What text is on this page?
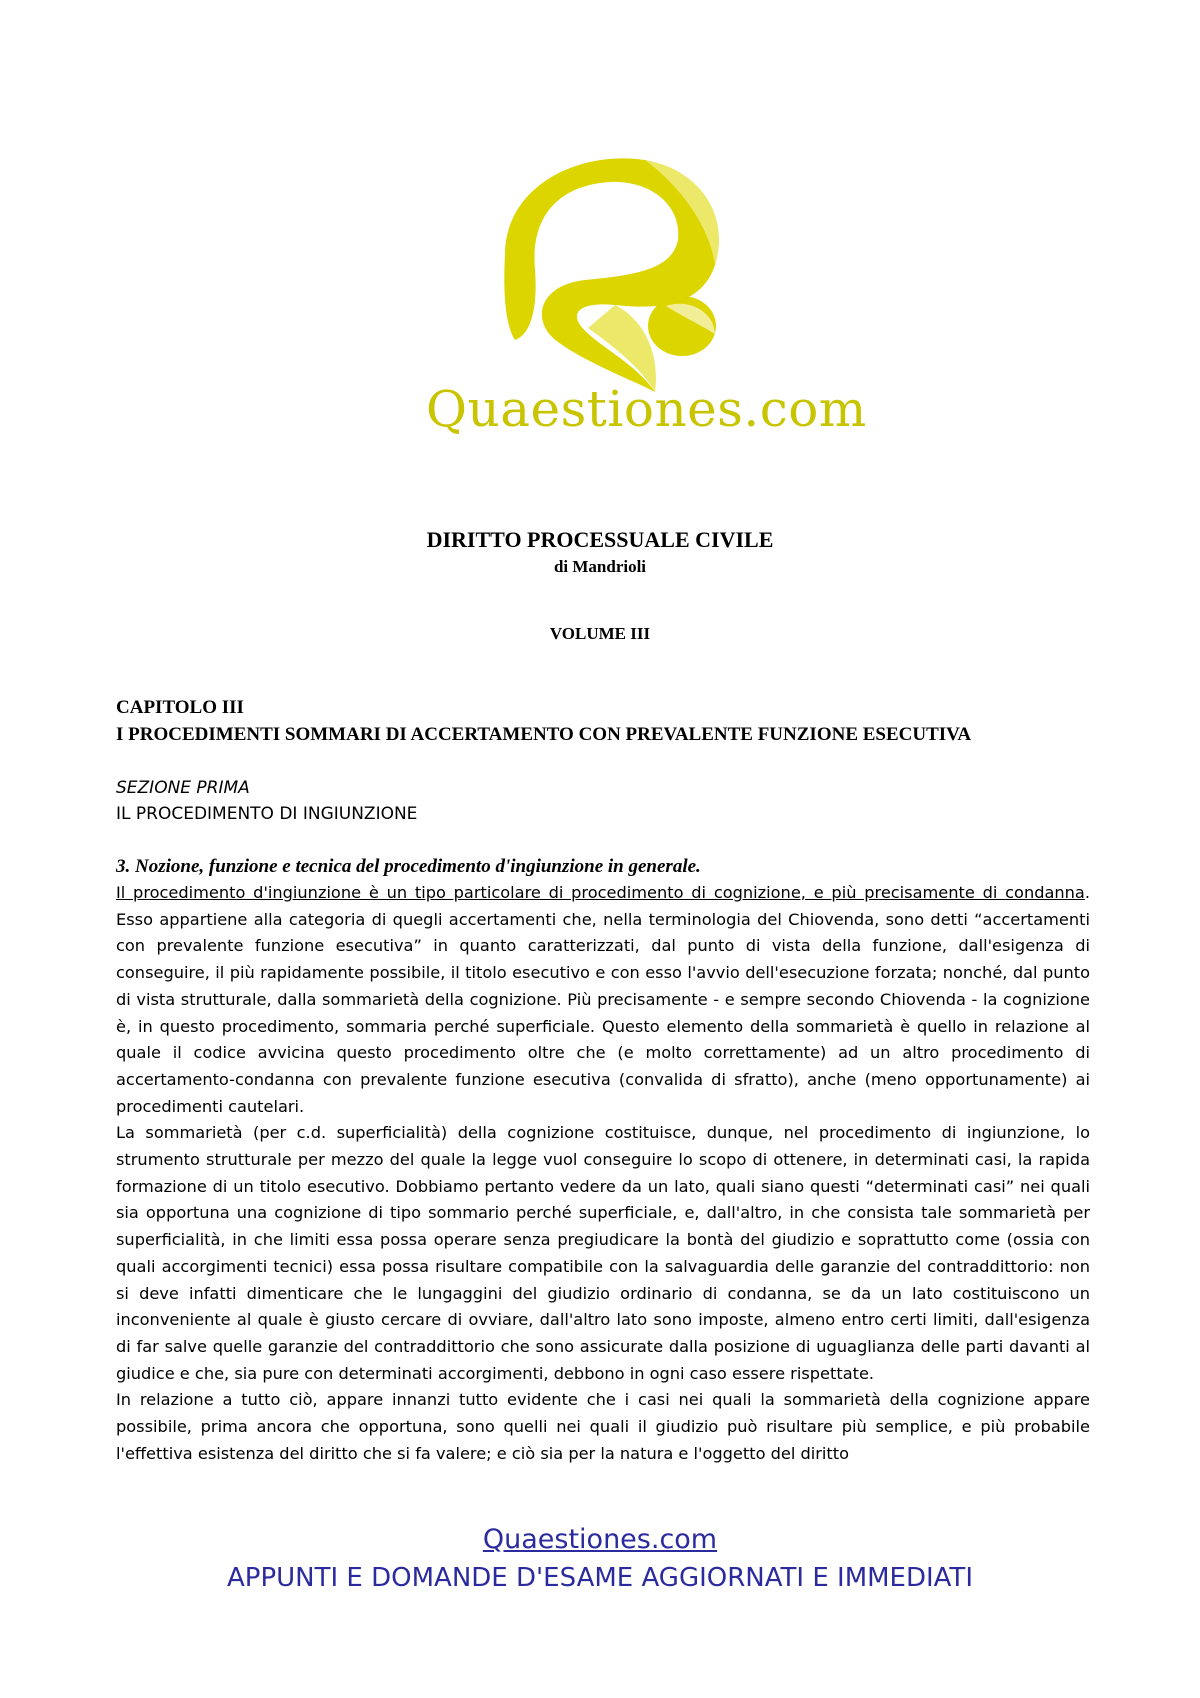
Quaestiones.com
DIRITTO PROCESSUALE CIVILE
di Mandrioli
VOLUME III

CAPITOLO III

I PROCEDIMENTI SOMMARI DI ACCERTAMENTO CON PREVALENTE FUNZIONE ESECUTIVA

SEZIONE PRIMA

IL PROCEDIMENTO DI INGIUNZIONE

3. Nozione, funzione e tecnica del procedimento d'ingiunzione in generale.

Il procedimento d'ingiunzione è un tipo particolare di procedimento di cognizione, e più precisamente di condanna. Esso appartiene alla categoria di quegli accertamenti che, nella terminologia del Chiovenda, sono detti “accertamenti con prevalente funzione esecutiva” in quanto caratterizzati, dal punto di vista della funzione, dall'esigenza di conseguire, il più rapidamente possibile, il titolo esecutivo e con esso l'avvio dell'esecuzione forzata; nonché, dal punto di vista strutturale, dalla sommarietà della cognizione. Più precisamente - e sempre secondo Chiovenda - la cognizione è, in questo procedimento, sommaria perché superficiale. Questo elemento della sommarietà è quello in relazione al quale il codice avvicina questo procedimento oltre che (e molto correttamente) ad un altro procedimento di accertamento-condanna con prevalente funzione esecutiva (convalida di sfratto), anche (meno opportunamente) ai procedimenti cautelari.

La sommarietà (per c.d. superficialità) della cognizione costituisce, dunque, nel procedimento di ingiunzione, lo strumento strutturale per mezzo del quale la legge vuol conseguire lo scopo di ottenere, in determinati casi, la rapida formazione di un titolo esecutivo. Dobbiamo pertanto vedere da un lato, quali siano questi “determinati casi” nei quali sia opportuna una cognizione di tipo sommario perché superficiale, e, dall'altro, in che consista tale sommarietà per superficialità, in che limiti essa possa operare senza pregiudicare la bontà del giudizio e soprattutto come (ossia con quali accorgimenti tecnici) essa possa risultare compatibile con la salvaguardia delle garanzie del contraddittorio: non si deve infatti dimenticare che le lungaggini del giudizio ordinario di condanna, se da un lato costituiscono un inconveniente al quale è giusto cercare di ovviare, dall'altro lato sono imposte, almeno entro certi limiti, dall'esigenza di far salve quelle garanzie del contraddittorio che sono assicurate dalla posizione di uguaglianza delle parti davanti al giudice e che, sia pure con determinati accorgimenti, debbono in ogni caso essere rispettate.

In relazione a tutto ciò, appare innanzi tutto evidente che i casi nei quali la sommarietà della cognizione appare possibile, prima ancora che opportuna, sono quelli nei quali il giudizio può risultare più semplice, e più probabile l'effettiva esistenza del diritto che si fa valere; e ciò sia per la natura e l'oggetto del diritto

Quaestiones.com
APPUNTI E DOMANDE D'ESAME AGGIORNATI E IMMEDIATI
